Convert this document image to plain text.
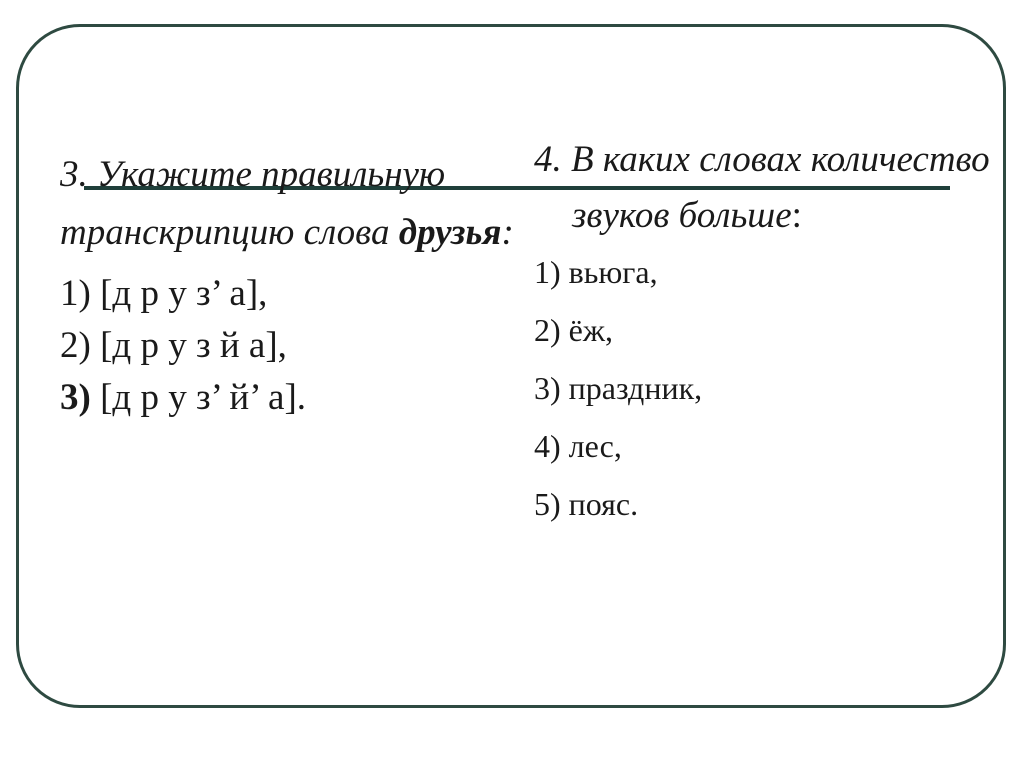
3. Укажите правильную транскрипцию слова друзья:
1) [д р у з’ а],
2) [д р у з й а],
3) [д р у з’ й’ а].
4. В каких словах количество звуков больше:
1) вьюга,
2) ёж,
3) праздник,
4) лес,
5) пояс.
